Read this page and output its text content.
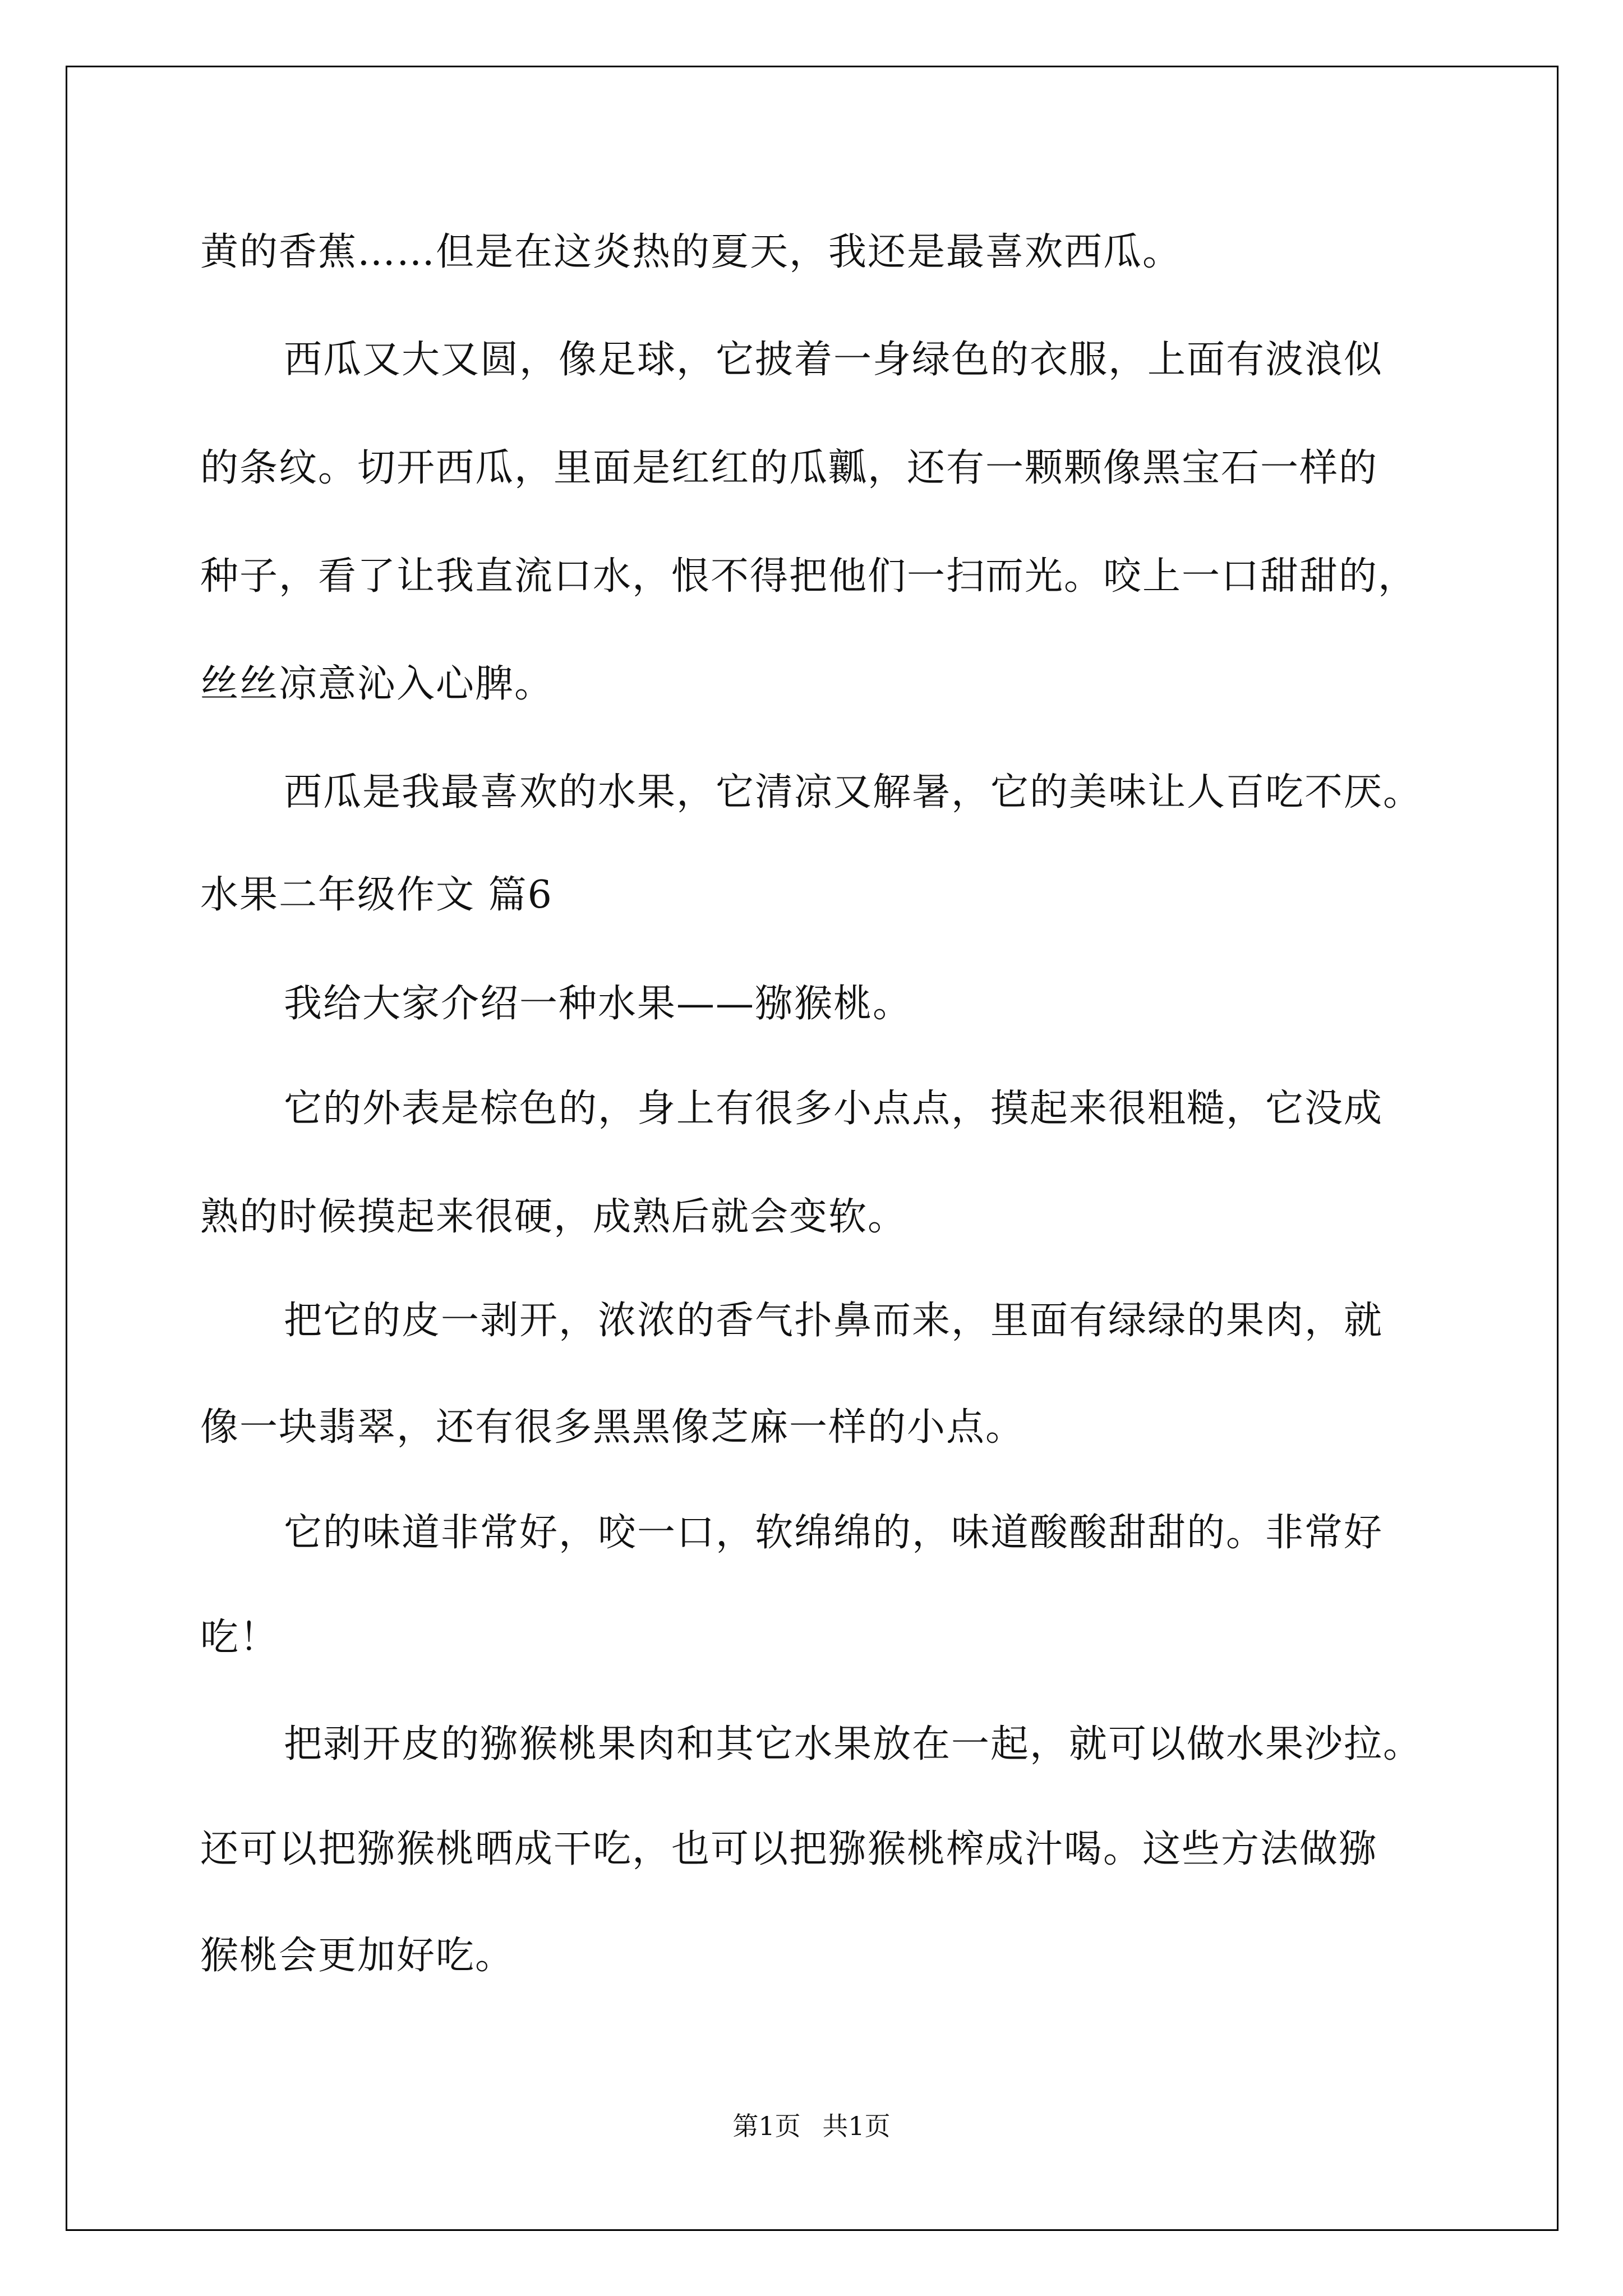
黄的香蕉……但是在这炎热的夏天，我还是最喜欢西瓜。
西瓜又大又圆，像足球，它披着一身绿色的衣服，上面有波浪似
的条纹。切开西瓜，里面是红红的瓜瓤，还有一颗颗像黑宝石一样的
种子，看了让我直流口水，恨不得把他们一扫而光。咬上一口甜甜的，
丝丝凉意沁入心脾。
西瓜是我最喜欢的水果，它清凉又解暑，它的美味让人百吃不厌。
水果二年级作文 篇6
我给大家介绍一种水果——猕猴桃。
它的外表是棕色的，身上有很多小点点，摸起来很粗糙，它没成
熟的时候摸起来很硬，成熟后就会变软。
把它的皮一剥开，浓浓的香气扑鼻而来，里面有绿绿的果肉，就
像一块翡翠，还有很多黑黑像芝麻一样的小点。
它的味道非常好，咬一口，软绵绵的，味道酸酸甜甜的。非常好
吃！
把剥开皮的猕猴桃果肉和其它水果放在一起，就可以做水果沙拉。
还可以把猕猴桃晒成干吃，也可以把猕猴桃榨成汁喝。这些方法做猕
猴桃会更加好吃。
第1页 共1页
